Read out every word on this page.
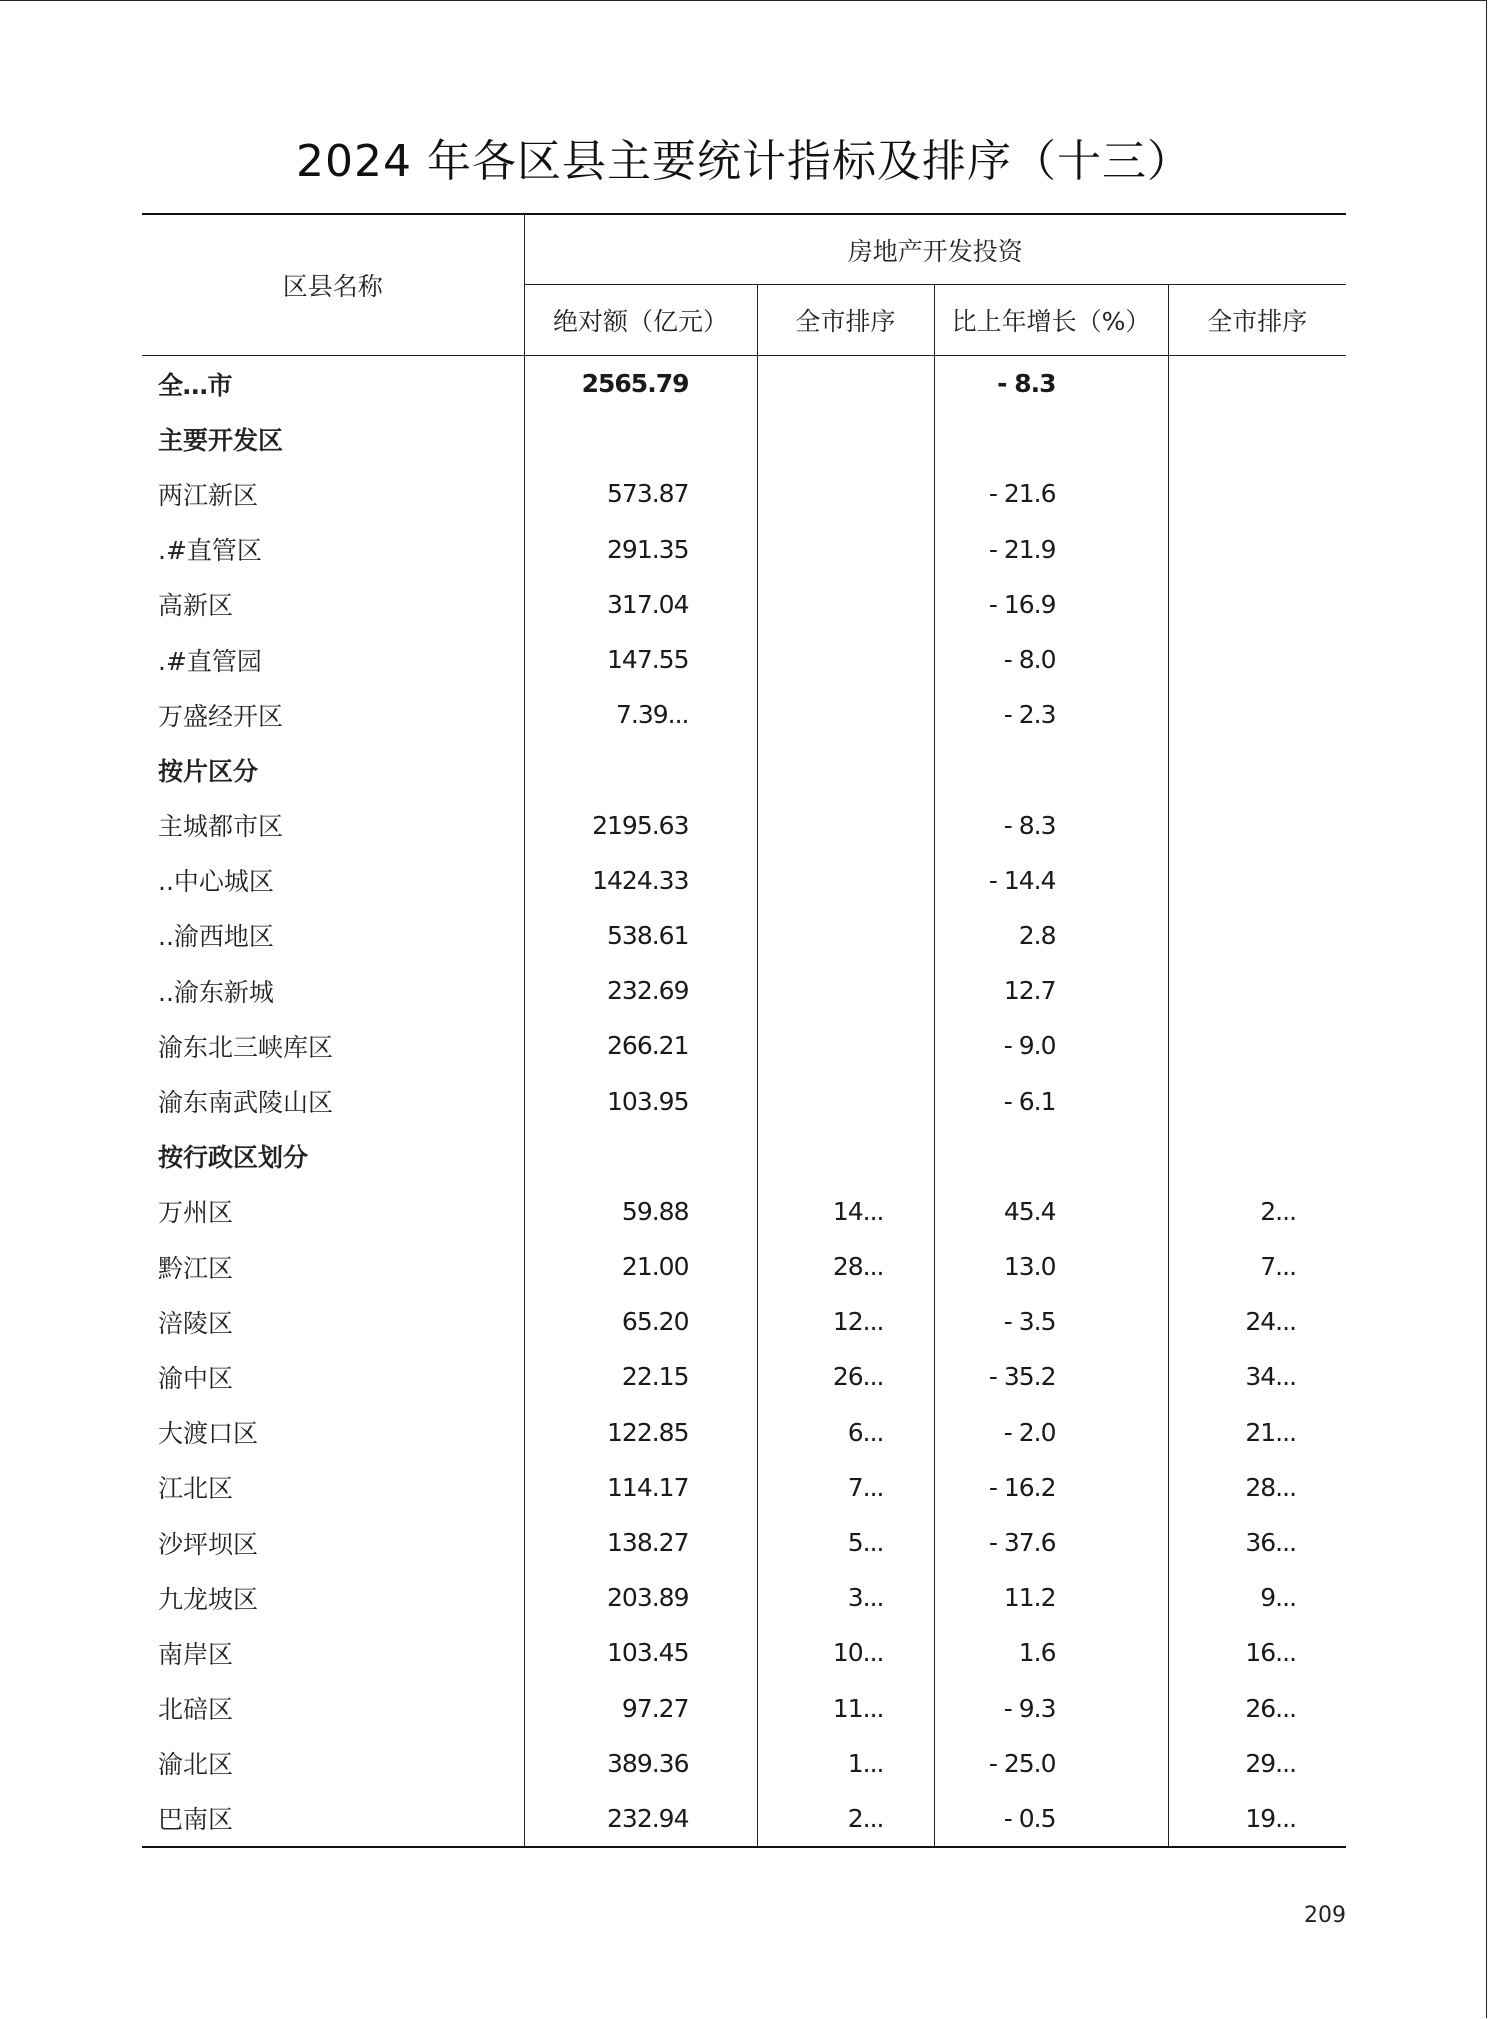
2024 年各区县主要统计指标及排序（十三）
区县名称	房地产开发投资			
	绝对额（亿元）	全市排序	比上年增长（%）	全市排序
全...市	2565.79		- 8.3	
主要开发区				
两江新区	573.87		- 21.6	
.#直管区	291.35		- 21.9	
高新区	317.04		- 16.9	
.#直管园	147.55		- 8.0	
万盛经开区	7.39...		- 2.3	
按片区分				
主城都市区	2195.63		- 8.3	
..中心城区	1424.33		- 14.4	
..渝西地区	538.61		2.8	
..渝东新城	232.69		12.7	
渝东北三峡库区	266.21		- 9.0	
渝东南武陵山区	103.95		- 6.1	
按行政区划分				
万州区	59.88	14...	45.4	2...
黔江区	21.00	28...	13.0	7...
涪陵区	65.20	12...	- 3.5	24...
渝中区	22.15	26...	- 35.2	34...
大渡口区	122.85	6...	- 2.0	21...
江北区	114.17	7...	- 16.2	28...
沙坪坝区	138.27	5...	- 37.6	36...
九龙坡区	203.89	3...	11.2	9...
南岸区	103.45	10...	1.6	16...
北碚区	97.27	11...	- 9.3	26...
渝北区	389.36	1...	- 25.0	29...
巴南区	232.94	2...	- 0.5	19...
209
